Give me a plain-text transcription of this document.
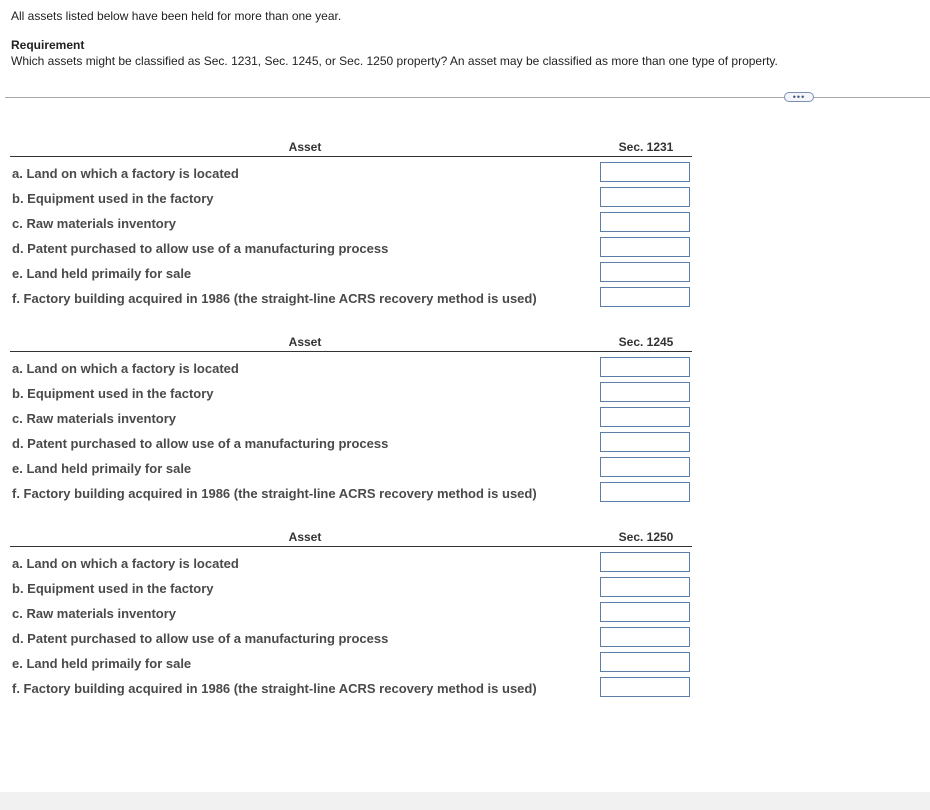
All assets listed below have been held for more than one year.
Requirement
Which assets might be classified as Sec. 1231, Sec. 1245, or Sec. 1250 property? An asset may be classified as more than one type of property.
•••
Asset	Sec. 1231
a. Land on which a factory is located
b. Equipment used in the factory
c. Raw materials inventory
d. Patent purchased to allow use of a manufacturing process
e. Land held primaily for sale
f. Factory building acquired in 1986 (the straight-line ACRS recovery method is used)
Asset	Sec. 1245
a. Land on which a factory is located
b. Equipment used in the factory
c. Raw materials inventory
d. Patent purchased to allow use of a manufacturing process
e. Land held primaily for sale
f. Factory building acquired in 1986 (the straight-line ACRS recovery method is used)
Asset	Sec. 1250
a. Land on which a factory is located
b. Equipment used in the factory
c. Raw materials inventory
d. Patent purchased to allow use of a manufacturing process
e. Land held primaily for sale
f. Factory building acquired in 1986 (the straight-line ACRS recovery method is used)
